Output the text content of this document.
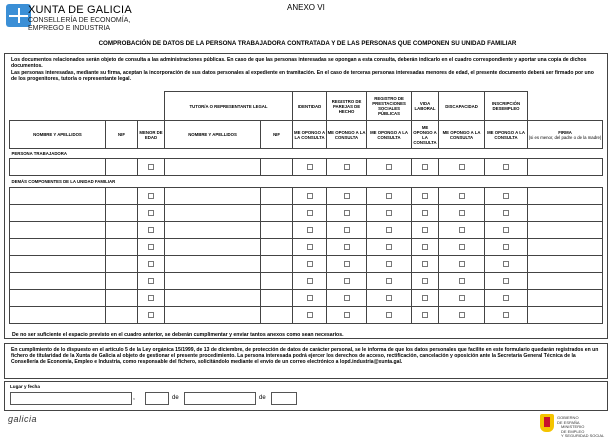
XUNTA DE GALICIA
CONSELLERÍA DE ECONOMÍA,
EMPREGO E INDUSTRIA
ANEXO VI
COMPROBACIÓN DE DATOS DE LA PERSONA TRABAJADORA CONTRATADA Y DE LAS PERSONAS QUE COMPONEN SU UNIDAD FAMILIAR

Los documentos relacionados serán objeto de consulta a las administraciones públicas. En caso de que las personas interesadas se opongan a esta consulta, deberán indicarlo en el cuadro correspondiente y aportar una copia de dichos documentos.

Las personas interesadas, mediante su firma, aceptan la incorporación de sus datos personales al expediente en tramitación. En el caso de terceras personas interesadas menores de edad, el presente documento deberá ser firmado por uno de los progenitores, tutor/a o representante legal.

			TUTOR/A O REPRESENTANTE LEGAL		IDENTIDAD	REGISTRO DE PAREJAS DE HECHO	REGISTRO DE PRESTACIONES SOCIALES PÚBLICAS	VIDA LABORAL	DISCAPACIDAD	INSCRIPCIÓN DESEMPLEO	
NOMBRE Y APELLIDOS	NIF	MENOR DE EDAD	NOMBRE Y APELLIDOS	NIF	ME OPONGO A LA CONSULTA	ME OPONGO A LA CONSULTA	ME OPONGO A LA CONSULTA	ME OPONGO A LA CONSULTA	ME OPONGO A LA CONSULTA	ME OPONGO A LA CONSULTA	FIRMA
(si es menor, del padre o de la madre)

PERSONA TRABAJADORA											

DEMÁS COMPONENTES DE LA UNIDAD FAMILIAR											

De no ser suficiente el espacio previsto en el cuadro anterior, se deberán cumplimentar y enviar tantos anexos como sean necesarios.

En cumplimiento de lo dispuesto en el artículo 5 de la Ley orgánica 15/1999, de 13 de diciembre, de protección de datos de carácter personal, se le informa de que los datos personales que facilite en este formulario quedarán registrados en un fichero de titularidad de la Xunta de Galicia al objeto de gestionar el presente procedimiento. La persona interesada podrá ejercer los derechos de acceso, rectificación, cancelación y oposición ante la Secretaría General Técnica de la Consellería de Economía, Empleo e Industria, como responsable del fichero, solicitándolo mediante el envío de un correo electrónico a lopd.industria@xunta.gal.

Lugar y fecha
,	de	de
galicia	GOBIERNO
DE ESPAÑA

MINISTERIO
DE EMPLEO
Y SEGURIDAD SOCIAL
